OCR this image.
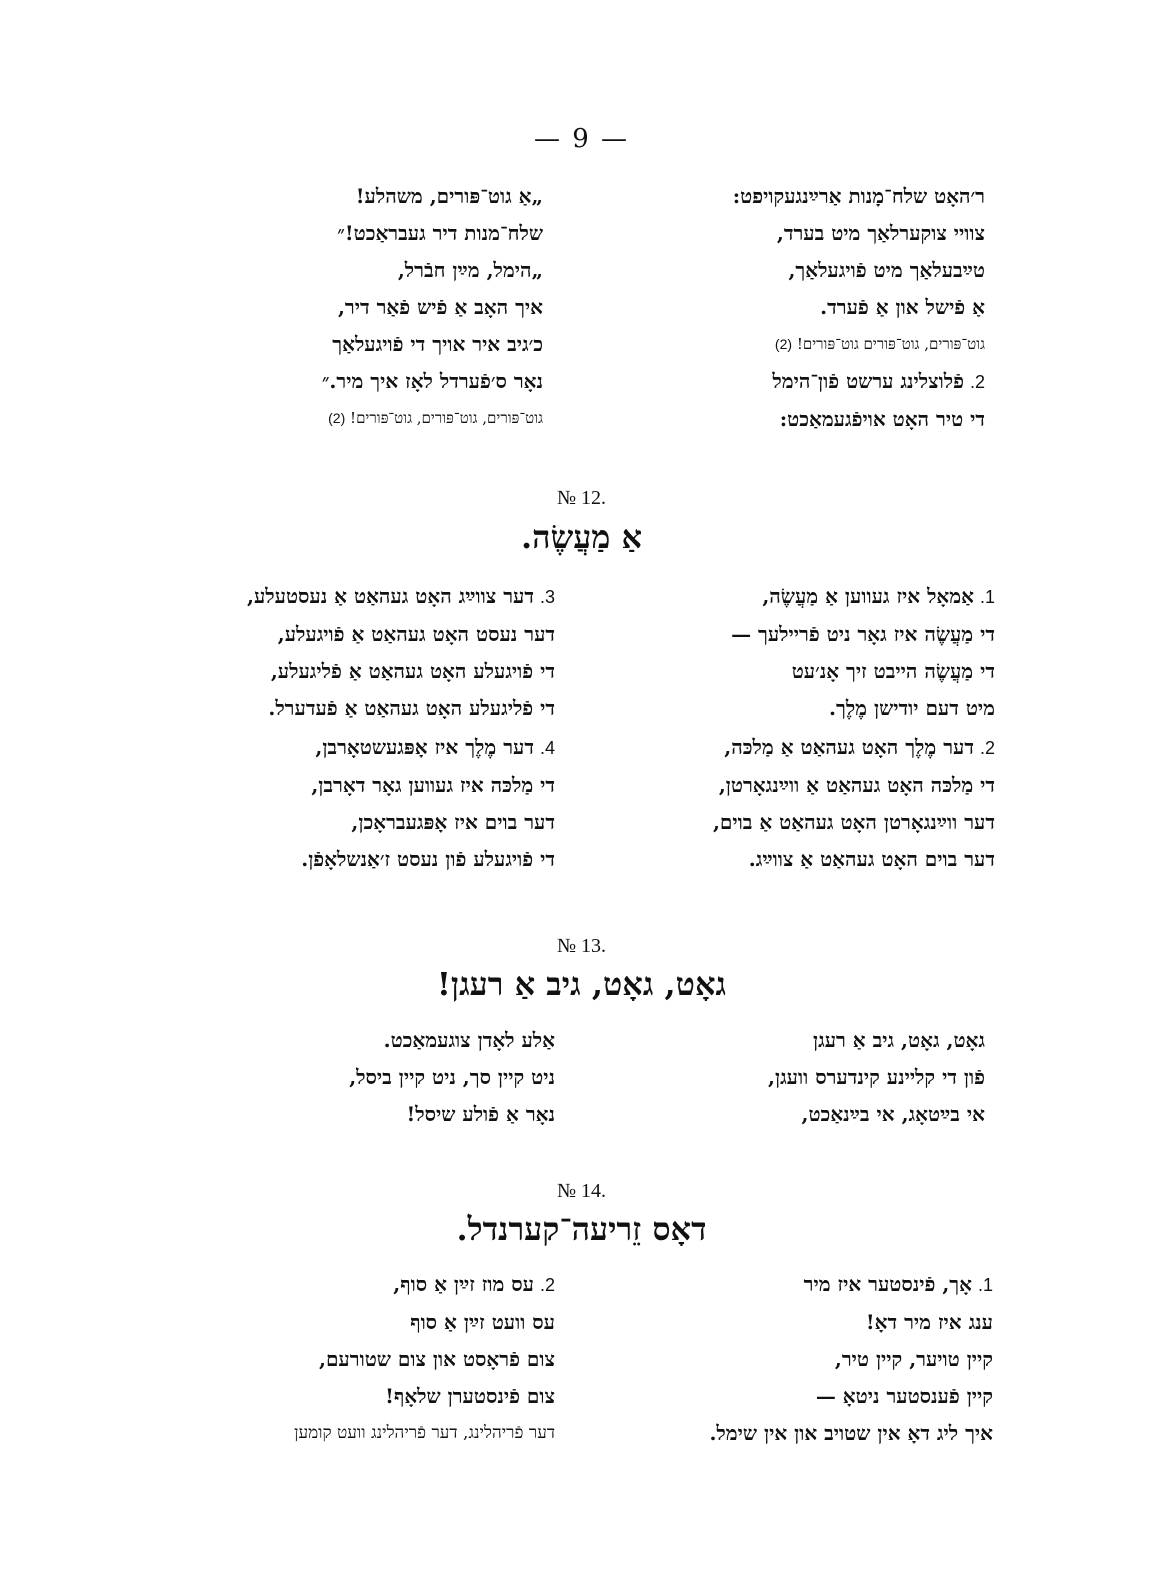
— 9 —
ר׳האָט שלח־מָנות אַרײַנגעקויפט:
צוויי צוקערלאַך מיט בערד,
טײַבעלאַך מיט פֿויגעלאַך,
אַ פֿישל און אַ פֿערד.
גוט־פּורים, גוט־פּורים גוט־פּורים! (2)
2.פֿלוצלינג ערשט פֿון־הימל
די טיר האָט אויפֿגעמאַכט:
„אַ גוט־פּורים, משהלע!
שלח־מנות דיר געבראַכט!״
„הימל, מײַן חבֿרל,
איך האָב אַ פֿיש פֿאַר דיר,
כ׳גיב איר אויך די פֿויגעלאַך
נאָר ס׳פֿערדל לאָז איך מיר.״
גוט־פּורים, גוט־פּורים, גוט־פּורים! (2)
№ 12.
אַ מַעֲשֶׂה.
1.אַמאָל איז געווען אַ מַעֲשֶׂה,
די מַעֲשֶׂה איז גאָר ניט פֿריילעך —
די מַעֲשֶׂה הייבט זיך אָנ׳עט
מיט דעם יודישן מֶלֶך.
3.דער צווײַג האָט געהאַט אַ נעסטעלע,
דער נעסט האָט געהאַט אַ פֿויגעלע,
די פֿויגעלע האָט געהאַט אַ פֿליגעלע,
די פֿליגעלע האָט געהאַט אַ פֿעדערל.
2.דער מֶלֶך האָט געהאַט אַ מַלכּה,
די מַלכּה האָט געהאַט אַ ווײַנגאָרטן,
דער ווײַנגאָרטן האָט געהאַט אַ בוים,
דער בוים האָט געהאַט אַ צווײַג.
4.דער מֶלֶך איז אָפּגעשטאָרבן,
די מַלכּה איז געווען גאָר דאָרבן,
דער בוים איז אָפּגעבראָכן,
די פֿויגעלע פֿון נעסט ז׳אַנשלאָפֿן.
№ 13.
גאָט, גאָט, גיב אַ רעגן!
גאָט, גאָט, גיב אַ רעגן
פֿון די קליינע קינדערס וועגן,
אי בײַטאָג, אי בײַנאַכט,
אַלע לאָדן צוגעמאַכט.
ניט קיין סך, ניט קיין ביסל,
נאָר אַ פֿולע שיסל!
№ 14.
דאָס זֵריעה־קערנדל.
1.אָך, פֿינסטער איז מיר
ענג איז מיר דאָ!
קיין טויער, קיין טיר,
קיין פֿענסטער ניטאָ —
איך ליג דאָ אין שטויב און אין שימל.
2.עס מוז זײַן אַ סוף,
עס וועט זײַן אַ סוף
צום פֿראָסט און צום שטורעם,
צום פֿינסטערן שלאָף!
דער פֿריהלינג, דער פֿריהלינג וועט קומען
